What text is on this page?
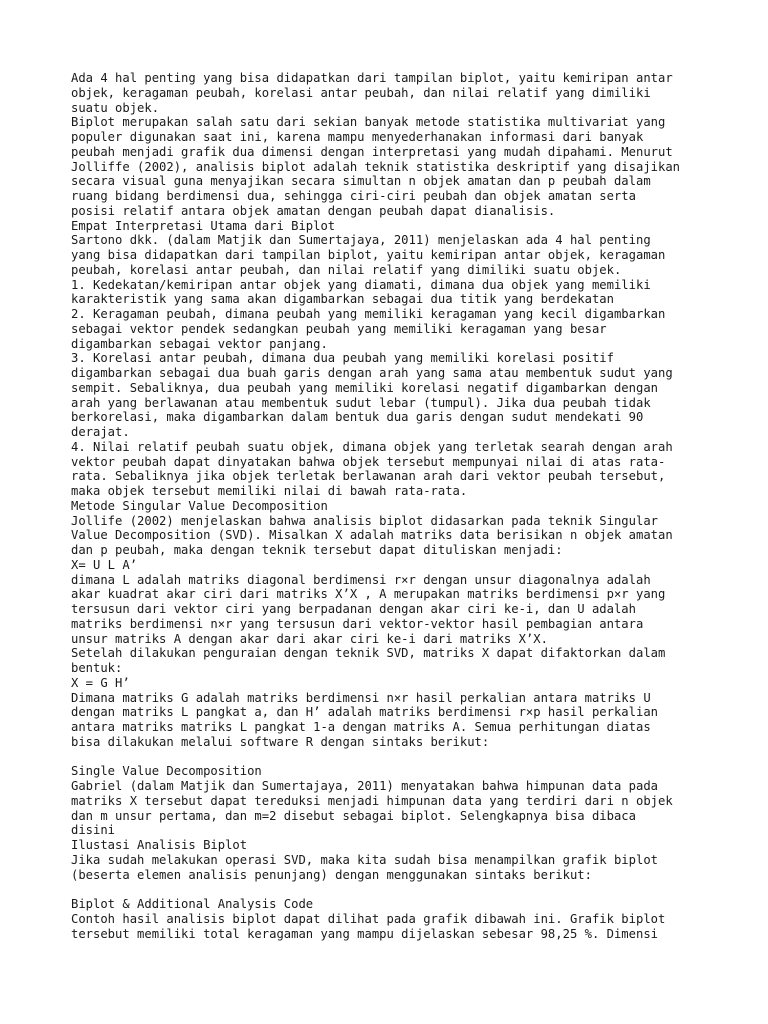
Ada 4 hal penting yang bisa didapatkan dari tampilan biplot, yaitu kemiripan antar
objek, keragaman peubah, korelasi antar peubah, dan nilai relatif yang dimiliki
suatu objek.
Biplot merupakan salah satu dari sekian banyak metode statistika multivariat yang
populer digunakan saat ini, karena mampu menyederhanakan informasi dari banyak
peubah menjadi grafik dua dimensi dengan interpretasi yang mudah dipahami. Menurut
Jolliffe (2002), analisis biplot adalah teknik statistika deskriptif yang disajikan
secara visual guna menyajikan secara simultan n objek amatan dan p peubah dalam
ruang bidang berdimensi dua, sehingga ciri-ciri peubah dan objek amatan serta
posisi relatif antara objek amatan dengan peubah dapat dianalisis.
Empat Interpretasi Utama dari Biplot
Sartono dkk. (dalam Matjik dan Sumertajaya, 2011) menjelaskan ada 4 hal penting
yang bisa didapatkan dari tampilan biplot, yaitu kemiripan antar objek, keragaman
peubah, korelasi antar peubah, dan nilai relatif yang dimiliki suatu objek.
1. Kedekatan/kemiripan antar objek yang diamati, dimana dua objek yang memiliki
karakteristik yang sama akan digambarkan sebagai dua titik yang berdekatan
2. Keragaman peubah, dimana peubah yang memiliki keragaman yang kecil digambarkan
sebagai vektor pendek sedangkan peubah yang memiliki keragaman yang besar
digambarkan sebagai vektor panjang.
3. Korelasi antar peubah, dimana dua peubah yang memiliki korelasi positif
digambarkan sebagai dua buah garis dengan arah yang sama atau membentuk sudut yang
sempit. Sebaliknya, dua peubah yang memiliki korelasi negatif digambarkan dengan
arah yang berlawanan atau membentuk sudut lebar (tumpul). Jika dua peubah tidak
berkorelasi, maka digambarkan dalam bentuk dua garis dengan sudut mendekati 90
derajat.
4. Nilai relatif peubah suatu objek, dimana objek yang terletak searah dengan arah
vektor peubah dapat dinyatakan bahwa objek tersebut mempunyai nilai di atas rata-
rata. Sebaliknya jika objek terletak berlawanan arah dari vektor peubah tersebut,
maka objek tersebut memiliki nilai di bawah rata-rata.
Metode Singular Value Decomposition
Jollife (2002) menjelaskan bahwa analisis biplot didasarkan pada teknik Singular
Value Decomposition (SVD). Misalkan X adalah matriks data berisikan n objek amatan
dan p peubah, maka dengan teknik tersebut dapat dituliskan menjadi:
X= U L A’
dimana L adalah matriks diagonal berdimensi r×r dengan unsur diagonalnya adalah
akar kuadrat akar ciri dari matriks X’X , A merupakan matriks berdimensi p×r yang
tersusun dari vektor ciri yang berpadanan dengan akar ciri ke-i, dan U adalah
matriks berdimensi n×r yang tersusun dari vektor-vektor hasil pembagian antara
unsur matriks A dengan akar dari akar ciri ke-i dari matriks X’X.
Setelah dilakukan penguraian dengan teknik SVD, matriks X dapat difaktorkan dalam
bentuk:
X = G H’
Dimana matriks G adalah matriks berdimensi n×r hasil perkalian antara matriks U
dengan matriks L pangkat a, dan H’ adalah matriks berdimensi r×p hasil perkalian
antara matriks matriks L pangkat 1-a dengan matriks A. Semua perhitungan diatas
bisa dilakukan melalui software R dengan sintaks berikut:
Single Value Decomposition
Gabriel (dalam Matjik dan Sumertajaya, 2011) menyatakan bahwa himpunan data pada
matriks X tersebut dapat tereduksi menjadi himpunan data yang terdiri dari n objek
dan m unsur pertama, dan m=2 disebut sebagai biplot. Selengkapnya bisa dibaca
disini
Ilustasi Analisis Biplot
Jika sudah melakukan operasi SVD, maka kita sudah bisa menampilkan grafik biplot
(beserta elemen analisis penunjang) dengan menggunakan sintaks berikut:
Biplot & Additional Analysis Code
Contoh hasil analisis biplot dapat dilihat pada grafik dibawah ini. Grafik biplot
tersebut memiliki total keragaman yang mampu dijelaskan sebesar 98,25 %. Dimensi
